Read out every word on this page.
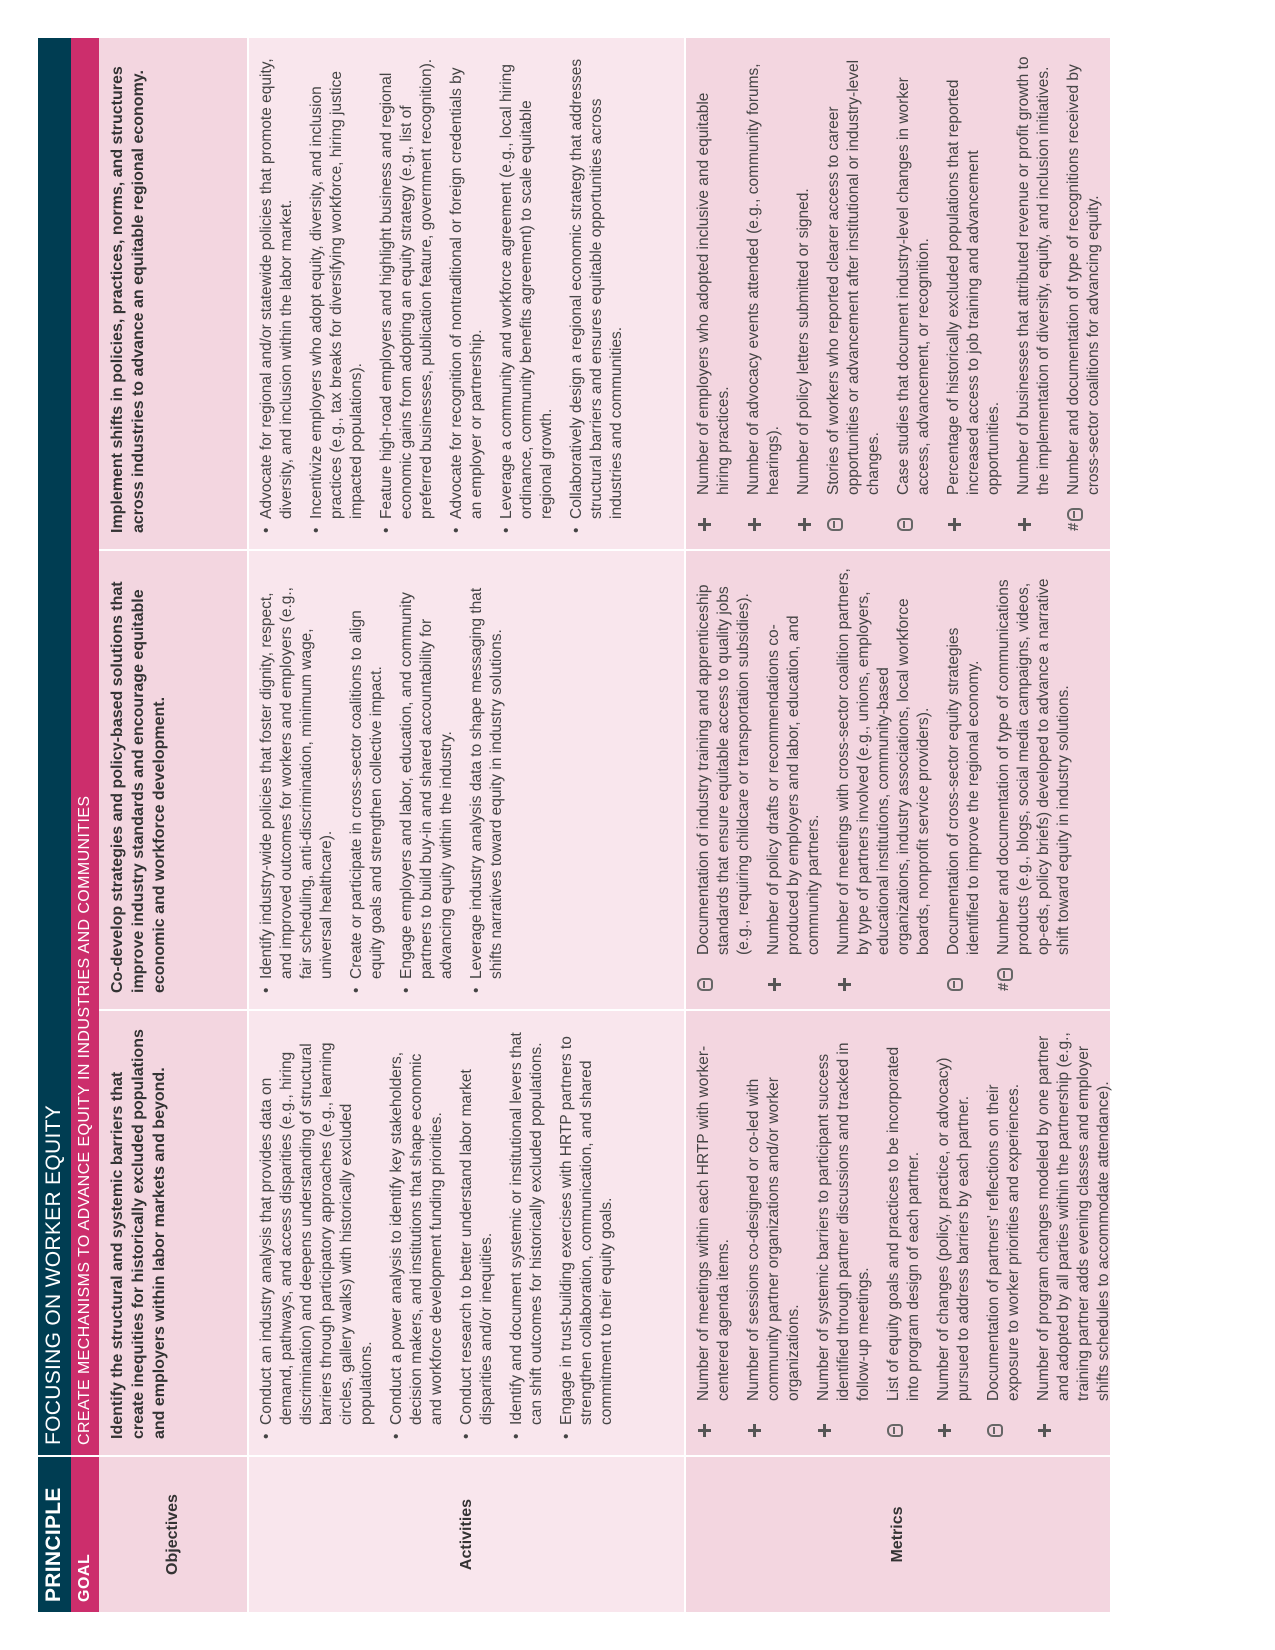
PRINCIPLE
FOCUSING ON WORKER EQUITY
GOAL
CREATE MECHANISMS TO ADVANCE EQUITY IN INDUSTRIES AND COMMUNITIES
Objectives
Identify the structural and systemic barriers that create inequities for historically excluded populations and employers within labor markets and beyond.
Co-develop strategies and policy-based solutions that improve industry standards and encourage equitable economic and workforce development.
Implement shifts in policies, practices, norms, and structures across industries to advance an equitable regional economy.
Activities
• Conduct an industry analysis that provides data on demand, pathways, and access disparities (e.g., hiring discrimination) and deepens understanding of structural barriers through participatory approaches (e.g., learning circles, gallery walks) with historically excluded populations. • Conduct a power analysis to identify key stakeholders, decision makers, and institutions that shape economic and workforce development funding priorities. • Conduct research to better understand labor market disparities and/or inequities. • Identify and document systemic or institutional levers that can shift outcomes for historically excluded populations. • Engage in trust-building exercises with HRTP partners to strengthen collaboration, communication, and shared commitment to their equity goals.
• Identify industry-wide policies that foster dignity, respect, and improved outcomes for workers and employers (e.g., fair scheduling, anti-discrimination, minimum wage, universal healthcare). • Create or participate in cross-sector coalitions to align equity goals and strengthen collective impact. • Engage employers and labor, education, and community partners to build buy-in and shared accountability for advancing equity within the industry. • Leverage industry analysis data to shape messaging that shifts narratives toward equity in industry solutions.
• Advocate for regional and/or statewide policies that promote equity, diversity, and inclusion within the labor market. • Incentivize employers who adopt equity, diversity, and inclusion practices (e.g., tax breaks for diversifying workforce, hiring justice impacted populations). • Feature high-road employers and highlight business and regional economic gains from adopting an equity strategy (e.g., list of preferred businesses, publication feature, government recognition). • Advocate for recognition of nontraditional or foreign credentials by an employer or partnership. • Leverage a community and workforce agreement (e.g., local hiring ordinance, community benefits agreement) to scale equitable regional growth. • Collaboratively design a regional economic strategy that addresses structural barriers and ensures equitable opportunities across industries and communities.
Metrics
Number of meetings within each HRTP with worker-centered agenda items. Number of sessions co-designed or co-led with community partner organizations and/or worker organizations. Number of systemic barriers to participant success identified through partner discussions and tracked in follow-up meetings. List of equity goals and practices to be incorporated into program design of each partner. Number of changes (policy, practice, or advocacy) pursued to address barriers by each partner. Documentation of partners’ reflections on their exposure to worker priorities and experiences. Number of program changes modeled by one partner and adopted by all parties within the partnership (e.g., training partner adds evening classes and employer shifts schedules to accommodate attendance).
Documentation of industry training and apprenticeship standards that ensure equitable access to quality jobs (e.g., requiring childcare or transportation subsidies). Number of policy drafts or recommendations co-produced by employers and labor, education, and community partners. Number of meetings with cross-sector coalition partners, by type of partners involved (e.g., unions, employers, educational institutions, community-based organizations, industry associations, local workforce boards, nonprofit service providers). Documentation of cross-sector equity strategies identified to improve the regional economy.
#
Number and documentation of type of communications products (e.g., blogs, social media campaigns, videos, op-eds, policy briefs) developed to advance a narrative shift toward equity in industry solutions.
Number of employers who adopted inclusive and equitable hiring practices. Number of advocacy events attended (e.g., community forums, hearings). Number of policy letters submitted or signed. Stories of workers who reported clearer access to career opportunities or advancement after institutional or industry-level changes. Case studies that document industry-level changes in worker access, advancement, or recognition. Percentage of historically excluded populations that reported increased access to job training and advancement opportunities. Number of businesses that attributed revenue or profit growth to the implementation of diversity, equity, and inclusion initiatives.
#
Number and documentation of type of recognitions received by cross-sector coalitions for advancing equity.
